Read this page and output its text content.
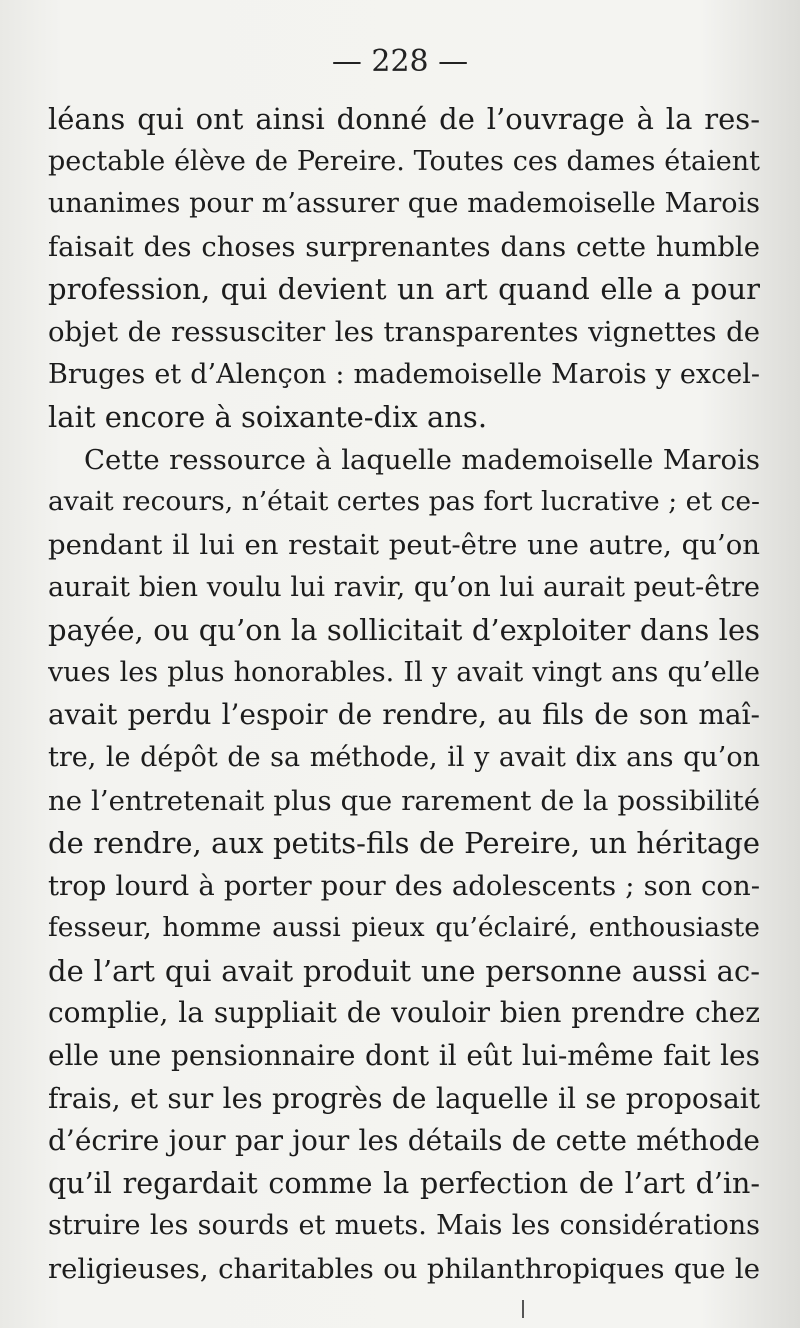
— 228 —
léans qui ont ainsi donné de l’ouvrage à la res-
pectable élève de Pereire. Toutes ces dames étaient
unanimes pour m’assurer que mademoiselle Marois
faisait des choses surprenantes dans cette humble
profession, qui devient un art quand elle a pour
objet de ressusciter les transparentes vignettes de
Bruges et d’Alençon : mademoiselle Marois y excel-
lait encore à soixante-dix ans.
Cette ressource à laquelle mademoiselle Marois
avait recours, n’était certes pas fort lucrative ; et ce-
pendant il lui en restait peut-être une autre, qu’on
aurait bien voulu lui ravir, qu’on lui aurait peut-être
payée, ou qu’on la sollicitait d’exploiter dans les
vues les plus honorables. Il y avait vingt ans qu’elle
avait perdu l’espoir de rendre, au fils de son maî-
tre, le dépôt de sa méthode, il y avait dix ans qu’on
ne l’entretenait plus que rarement de la possibilité
de rendre, aux petits-fils de Pereire, un héritage
trop lourd à porter pour des adolescents ; son con-
fesseur, homme aussi pieux qu’éclairé, enthousiaste
de l’art qui avait produit une personne aussi ac-
complie, la suppliait de vouloir bien prendre chez
elle une pensionnaire dont il eût lui-même fait les
frais, et sur les progrès de laquelle il se proposait
d’écrire jour par jour les détails de cette méthode
qu’il regardait comme la perfection de l’art d’in-
struire les sourds et muets. Mais les considérations
religieuses, charitables ou philanthropiques que le
